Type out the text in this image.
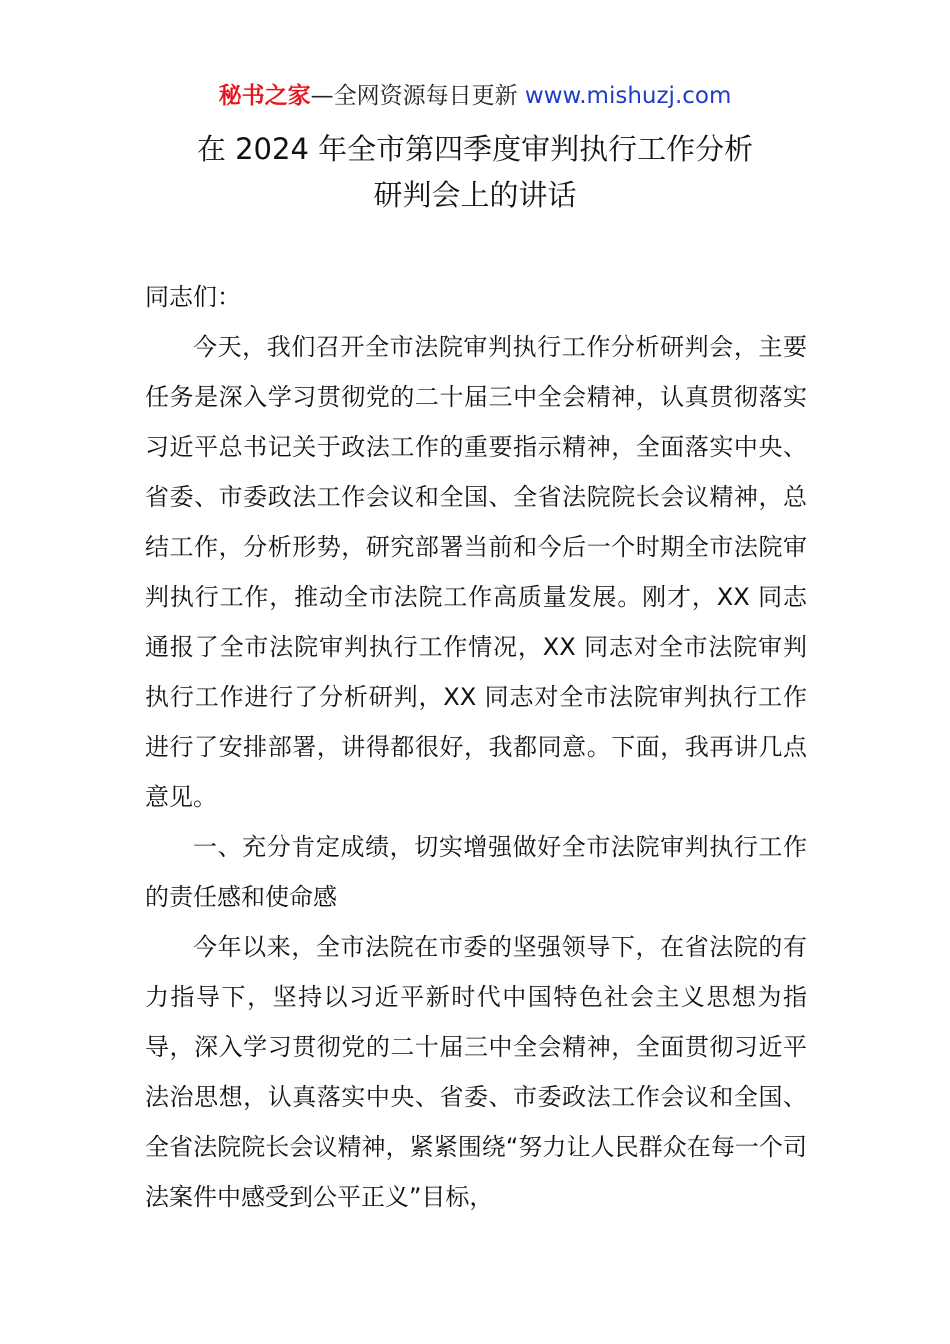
秘书之家—全网资源每日更新 www.mishuzj.com
在 2024 年全市第四季度审判执行工作分析
研判会上的讲话

同志们：

今天，我们召开全市法院审判执行工作分析研判会，主要任务是深入学习贯彻党的二十届三中全会精神，认真贯彻落实习近平总书记关于政法工作的重要指示精神，全面落实中央、省委、市委政法工作会议和全国、全省法院院长会议精神，总结工作，分析形势，研究部署当前和今后一个时期全市法院审判执行工作，推动全市法院工作高质量发展。刚才，XX 同志通报了全市法院审判执行工作情况，XX 同志对全市法院审判执行工作进行了分析研判，XX 同志对全市法院审判执行工作进行了安排部署，讲得都很好，我都同意。下面，我再讲几点意见。

一、充分肯定成绩，切实增强做好全市法院审判执行工作的责任感和使命感

今年以来，全市法院在市委的坚强领导下，在省法院的有力指导下，坚持以习近平新时代中国特色社会主义思想为指导，深入学习贯彻党的二十届三中全会精神，全面贯彻习近平法治思想，认真落实中央、省委、市委政法工作会议和全国、全省法院院长会议精神，紧紧围绕“努力让人民群众在每一个司法案件中感受到公平正义”目标，
